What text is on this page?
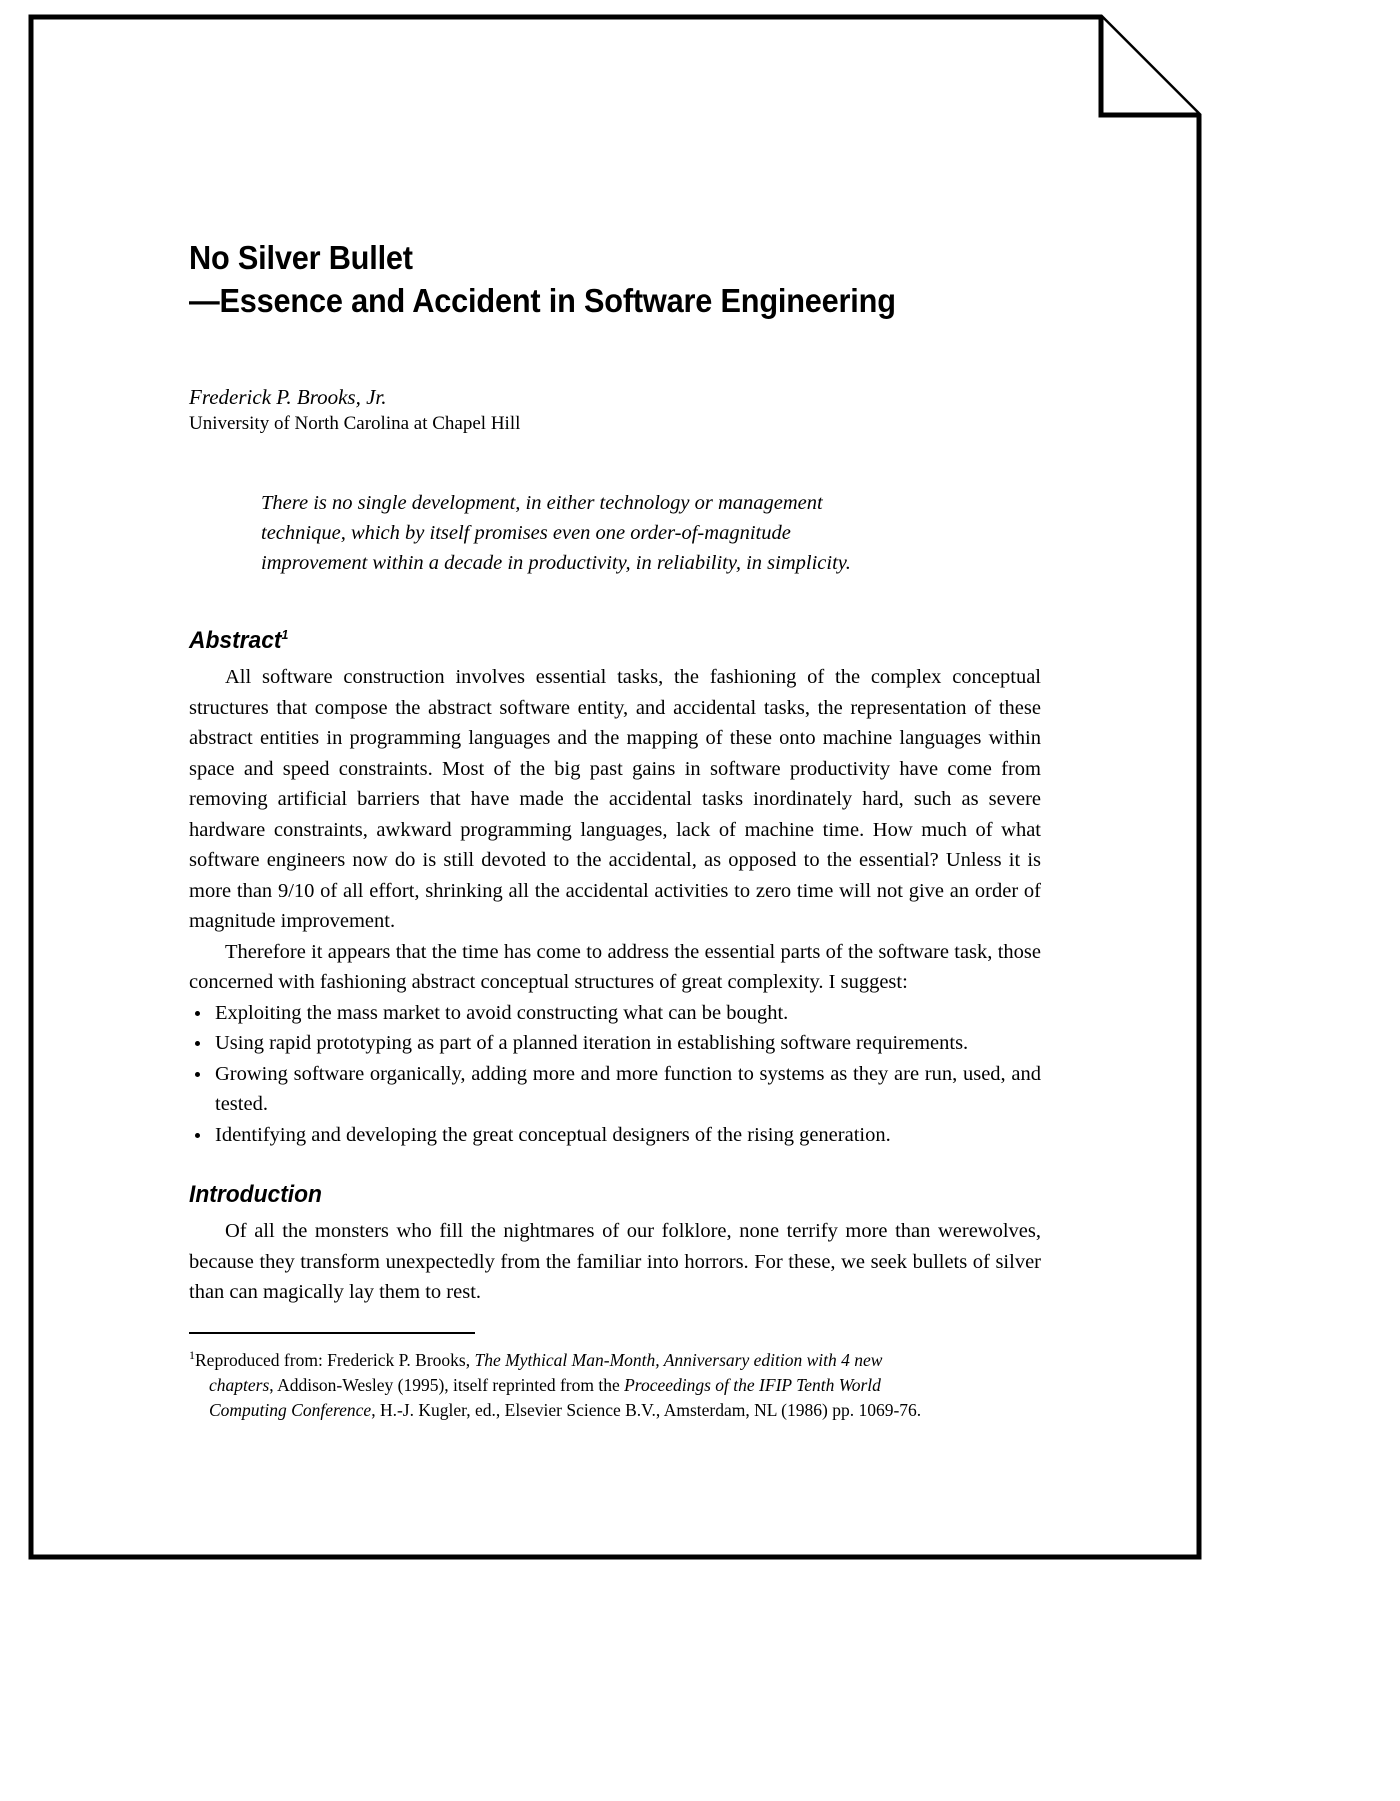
No Silver Bullet
—Essence and Accident in Software Engineering
Frederick P. Brooks, Jr.
University of North Carolina at Chapel Hill
There is no single development, in either technology or management
technique, which by itself promises even one order-of-magnitude
improvement within a decade in productivity, in reliability, in simplicity.
Abstract$^1$

All software construction involves essential tasks, the fashioning of the complex conceptual structures that compose the abstract software entity, and accidental tasks, the representation of these abstract entities in programming languages and the mapping of these onto machine languages within space and speed constraints. Most of the big past gains in software productivity have come from removing artificial barriers that have made the accidental tasks inordinately hard, such as severe hardware constraints, awkward programming languages, lack of machine time. How much of what software engineers now do is still devoted to the accidental, as opposed to the essential? Unless it is more than 9/10 of all effort, shrinking all the accidental activities to zero time will not give an order of magnitude improvement.

Therefore it appears that the time has come to address the essential parts of the software task, those concerned with fashioning abstract conceptual structures of great complexity. I suggest:

Exploiting the mass market to avoid constructing what can be bought.
Using rapid prototyping as part of a planned iteration in establishing software requirements.
Growing software organically, adding more and more function to systems as they are run, used, and tested.
Identifying and developing the great conceptual designers of the rising generation.
Introduction

Of all the monsters who fill the nightmares of our folklore, none terrify more than werewolves, because they transform unexpectedly from the familiar into horrors. For these, we seek bullets of silver than can magically lay them to rest.

$^1$Reproduced from: Frederick P. Brooks, The Mythical Man-Month, Anniversary edition with 4 new
chapters, Addison-Wesley (1995), itself reprinted from the Proceedings of the IFIP Tenth World
Computing Conference, H.-J. Kugler, ed., Elsevier Science B.V., Amsterdam, NL (1986) pp. 1069-76.
